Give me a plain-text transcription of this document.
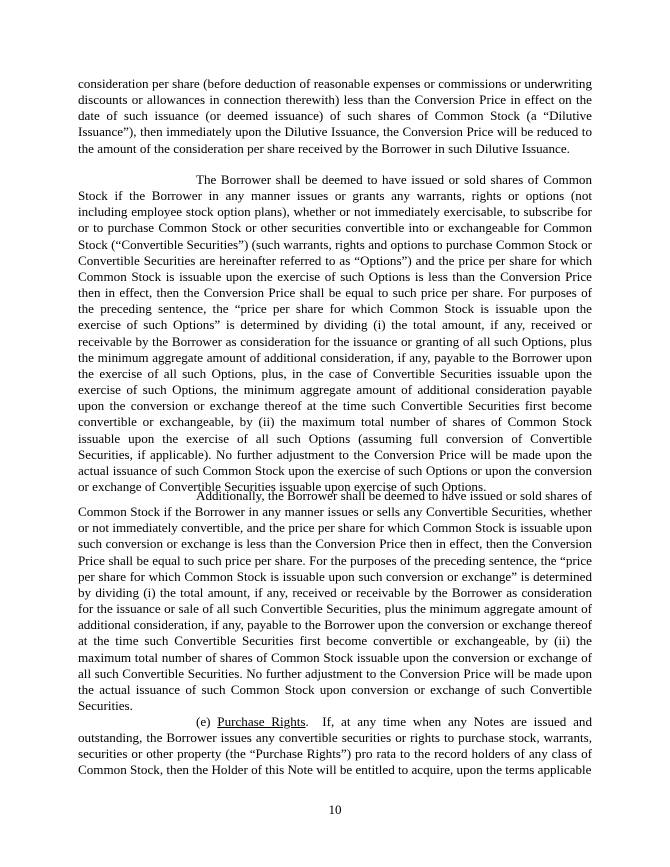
consideration per share (before deduction of reasonable expenses or commissions or underwriting discounts or allowances in connection therewith) less than the Conversion Price in effect on the date of such issuance (or deemed issuance) of such shares of Common Stock (a “Dilutive Issuance”), then immediately upon the Dilutive Issuance, the Conversion Price will be reduced to the amount of the consideration per share received by the Borrower in such Dilutive Issuance.

The Borrower shall be deemed to have issued or sold shares of Common Stock if the Borrower in any manner issues or grants any warrants, rights or options (not including employee stock option plans), whether or not immediately exercisable, to subscribe for or to purchase Common Stock or other securities convertible into or exchangeable for Common Stock (“Convertible Securities”) (such warrants, rights and options to purchase Common Stock or Convertible Securities are hereinafter referred to as “Options”) and the price per share for which Common Stock is issuable upon the exercise of such Options is less than the Conversion Price then in effect, then the Conversion Price shall be equal to such price per share. For purposes of the preceding sentence, the “price per share for which Common Stock is issuable upon the exercise of such Options” is determined by dividing (i) the total amount, if any, received or receivable by the Borrower as consideration for the issuance or granting of all such Options, plus the minimum aggregate amount of additional consideration, if any, payable to the Borrower upon the exercise of all such Options, plus, in the case of Convertible Securities issuable upon the exercise of such Options, the minimum aggregate amount of additional consideration payable upon the conversion or exchange thereof at the time such Convertible Securities first become convertible or exchangeable, by (ii) the maximum total number of shares of Common Stock issuable upon the exercise of all such Options (assuming full conversion of Convertible Securities, if applicable). No further adjustment to the Conversion Price will be made upon the actual issuance of such Common Stock upon the exercise of such Options or upon the conversion or exchange of Convertible Securities issuable upon exercise of such Options.

Additionally, the Borrower shall be deemed to have issued or sold shares of Common Stock if the Borrower in any manner issues or sells any Convertible Securities, whether or not immediately convertible, and the price per share for which Common Stock is issuable upon such conversion or exchange is less than the Conversion Price then in effect, then the Conversion Price shall be equal to such price per share. For the purposes of the preceding sentence, the “price per share for which Common Stock is issuable upon such conversion or exchange” is determined by dividing (i) the total amount, if any, received or receivable by the Borrower as consideration for the issuance or sale of all such Convertible Securities, plus the minimum aggregate amount of additional consideration, if any, payable to the Borrower upon the conversion or exchange thereof at the time such Convertible Securities first become convertible or exchangeable, by (ii) the maximum total number of shares of Common Stock issuable upon the conversion or exchange of all such Convertible Securities. No further adjustment to the Conversion Price will be made upon the actual issuance of such Common Stock upon conversion or exchange of such Convertible Securities.

(e) Purchase Rights. If, at any time when any Notes are issued and outstanding, the Borrower issues any convertible securities or rights to purchase stock, warrants, securities or other property (the “Purchase Rights”) pro rata to the record holders of any class of Common Stock, then the Holder of this Note will be entitled to acquire, upon the terms applicable

10
